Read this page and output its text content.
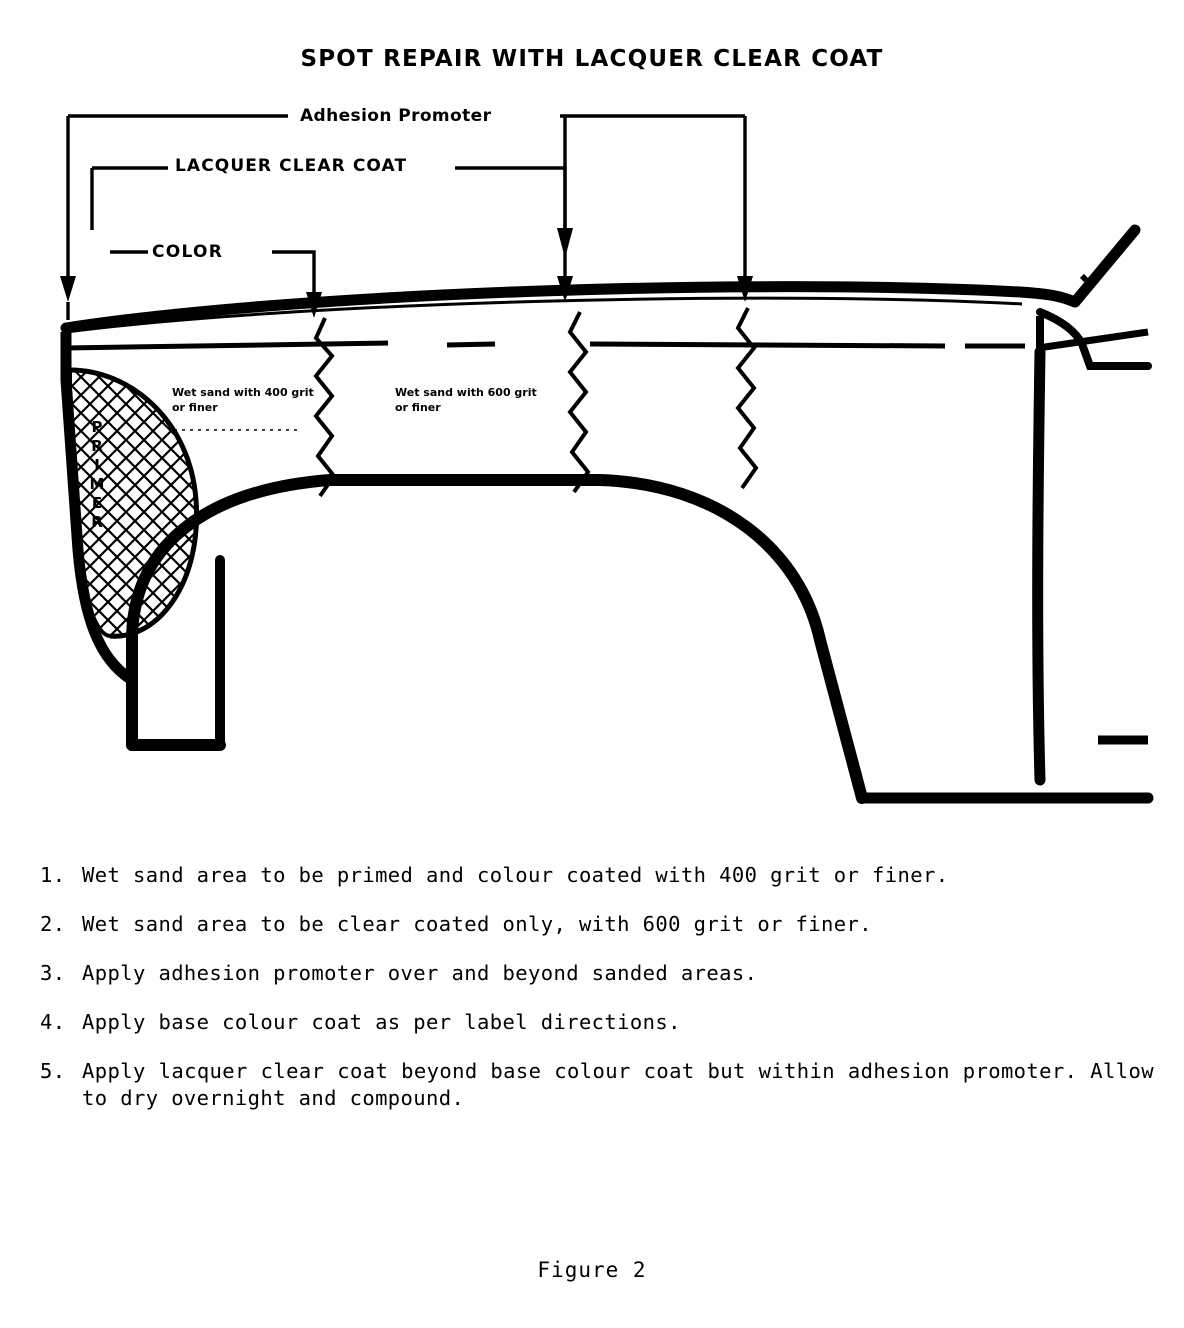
SPOT REPAIR WITH LACQUER CLEAR COAT
Adhesion Promoter
LACQUER CLEAR COAT
COLOR
Wet sand with 400 grit or finer
Wet sand with 600 grit or finer
PRIMER
1. Wet sand area to be primed and colour coated with 400 grit or finer.
2. Wet sand area to be clear coated only, with 600 grit or finer.
3. Apply adhesion promoter over and beyond sanded areas.
4. Apply base colour coat as per label directions.
5. Apply lacquer clear coat beyond base colour coat but within adhesion promoter. Allow to dry overnight and compound.
Figure 2
